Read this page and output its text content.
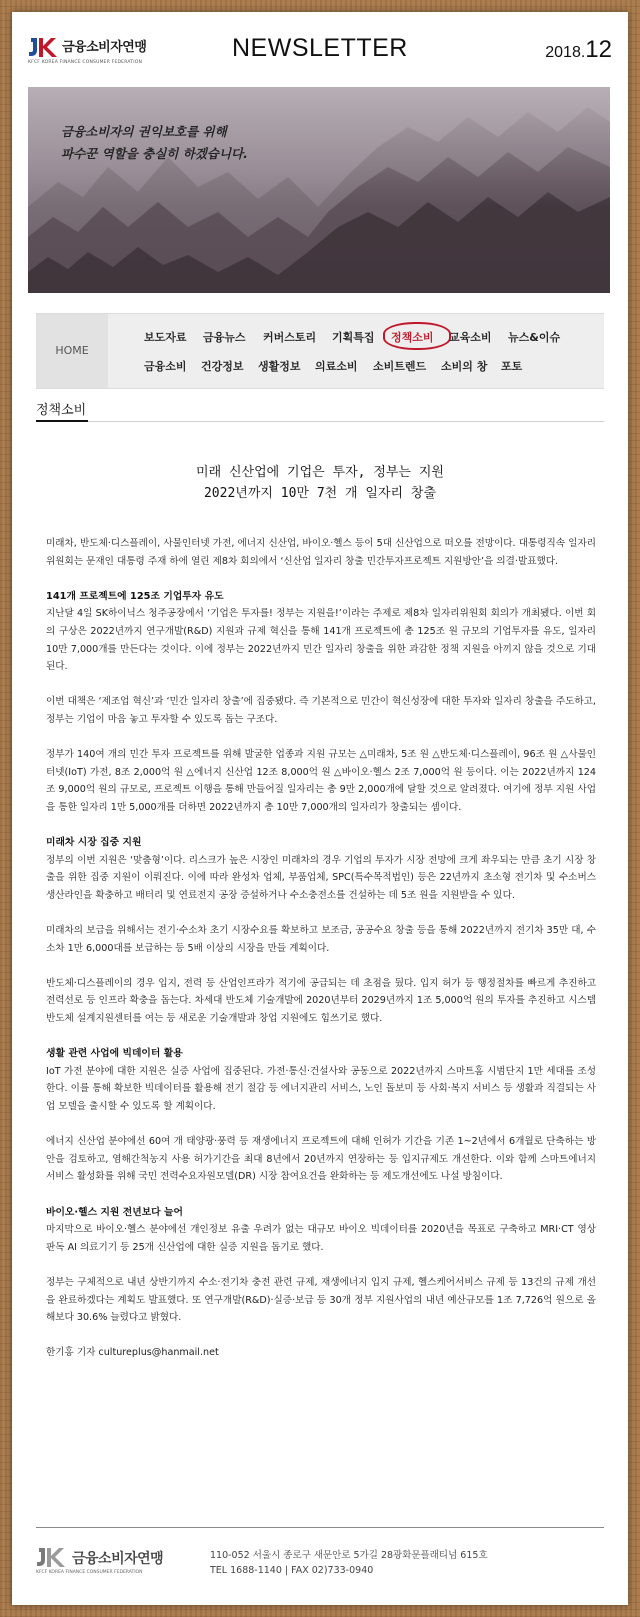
금융소비자연맹
KFCF KOREA FINANCE CONSUMER FEDERATION
NEWSLETTER	2018.12
금융소비자의 권익보호를 위해
파수꾼 역할을 충실히 하겠습니다.
HOME
보도자료 금융뉴스 커버스토리 기획특집 정책소비 교육소비 뉴스&이슈
금융소비 건강정보 생활정보 의료소비 소비트렌드 소비의 창 포토
정책소비
미래 신산업에 기업은 투자, 정부는 지원
2022년까지 10만 7천 개 일자리 창출

미래차, 반도체·디스플레이, 사물인터넷 가전, 에너지 신산업, 바이오·헬스 등이 5대 신산업으로 떠오를 전망이다. 대통령직속 일자리위원회는 문재인 대통령 주재 하에 열린 제8차 회의에서 ‘신산업 일자리 창출 민간투자프로젝트 지원방안’을 의결·발표했다.

141개 프로젝트에 125조 기업투자 유도

지난달 4일 SK하이닉스 청주공장에서 ‘기업은 투자를! 정부는 지원을!’이라는 주제로 제8차 일자리위원회 회의가 개최됐다. 이번 회의 구상은 2022년까지 연구개발(R&D) 지원과 규제 혁신을 통해 141개 프로젝트에 총 125조 원 규모의 기업투자를 유도, 일자리 10만 7,000개를 만든다는 것이다. 이에 정부는 2022년까지 민간 일자리 창출을 위한 과감한 정책 지원을 아끼지 않을 것으로 기대된다.

이번 대책은 ‘제조업 혁신’과 ‘민간 일자리 창출’에 집중됐다. 즉 기본적으로 민간이 혁신성장에 대한 투자와 일자리 창출을 주도하고, 정부는 기업이 마음 놓고 투자할 수 있도록 돕는 구조다.

정부가 140여 개의 민간 투자 프로젝트를 위해 발굴한 업종과 지원 규모는 △미래차, 5조 원 △반도체·디스플레이, 96조 원 △사물인터넷(IoT) 가전, 8조 2,000억 원 △에너지 신산업 12조 8,000억 원 △바이오·헬스 2조 7,000억 원 등이다. 이는 2022년까지 124조 9,000억 원의 규모로, 프로젝트 이행을 통해 만들어질 일자리는 총 9만 2,000개에 달할 것으로 알려졌다. 여기에 정부 지원 사업을 통한 일자리 1만 5,000개를 더하면 2022년까지 총 10만 7,000개의 일자리가 창출되는 셈이다.

미래차 시장 집중 지원

정부의 이번 지원은 ‘맞춤형’이다. 리스크가 높은 시장인 미래차의 경우 기업의 투자가 시장 전망에 크게 좌우되는 만큼 초기 시장 창출을 위한 집중 지원이 이뤄진다. 이에 따라 완성차 업체, 부품업체, SPC(특수목적법인) 등은 22년까지 초소형 전기차 및 수소버스 생산라인을 확충하고 배터리 및 연료전지 공장 증설하거나 수소충전소를 건설하는 데 5조 원을 지원받을 수 있다.

미래차의 보급을 위해서는 전기·수소차 초기 시장수요를 확보하고 보조금, 공공수요 창출 등을 통해 2022년까지 전기차 35만 대, 수소차 1만 6,000대를 보급하는 등 5배 이상의 시장을 만들 계획이다.

반도체·디스플레이의 경우 입지, 전력 등 산업인프라가 적기에 공급되는 데 초점을 뒀다. 입지 허가 등 행정절차를 빠르게 추진하고 전력선로 등 인프라 확충을 돕는다. 차세대 반도체 기술개발에 2020년부터 2029년까지 1조 5,000억 원의 투자를 추진하고 시스템반도체 설계지원센터를 여는 등 새로운 기술개발과 창업 지원에도 힘쓰기로 했다.

생활 관련 사업에 빅데이터 활용

IoT 가전 분야에 대한 지원은 실증 사업에 집중된다. 가전·통신·건설사와 공동으로 2022년까지 스마트홈 시범단지 1만 세대를 조성한다. 이를 통해 확보한 빅데이터를 활용해 전기 절감 등 에너지관리 서비스, 노인 돌보미 등 사회·복지 서비스 등 생활과 직결되는 사업 모델을 출시할 수 있도록 할 계획이다.

에너지 신산업 분야에선 60여 개 태양광·풍력 등 재생에너지 프로젝트에 대해 인허가 기간을 기존 1~2년에서 6개월로 단축하는 방안을 검토하고, 염해간척농지 사용 허가기간을 최대 8년에서 20년까지 연장하는 등 입지규제도 개선한다. 이와 함께 스마트에너지 서비스 활성화를 위해 국민 전력수요자원모델(DR) 시장 참여요건을 완화하는 등 제도개선에도 나설 방침이다.

바이오·헬스 지원 전년보다 늘어

마지막으로 바이오·헬스 분야에선 개인정보 유출 우려가 없는 대규모 바이오 빅데이터를 2020년을 목표로 구축하고 MRI·CT 영상 판독 AI 의료기기 등 25개 신산업에 대한 실증 지원을 돕기로 했다.

정부는 구체적으로 내년 상반기까지 수소·전기차 충전 관련 규제, 재생에너지 입지 규제, 헬스케어서비스 규제 등 13건의 규제 개선을 완료하겠다는 계획도 발표했다. 또 연구개발(R&D)·실증·보급 등 30개 정부 지원사업의 내년 예산규모를 1조 7,726억 원으로 올해보다 30.6% 늘렸다고 밝혔다.

한기홍 기자 cultureplus@hanmail.net

금융소비자연맹
KFCF KOREA FINANCE CONSUMER FEDERATION
110-052 서울시 종로구 새문안로 5가길 28광화문플래티넘 615호
TEL 1688-1140 | FAX 02)733-0940
